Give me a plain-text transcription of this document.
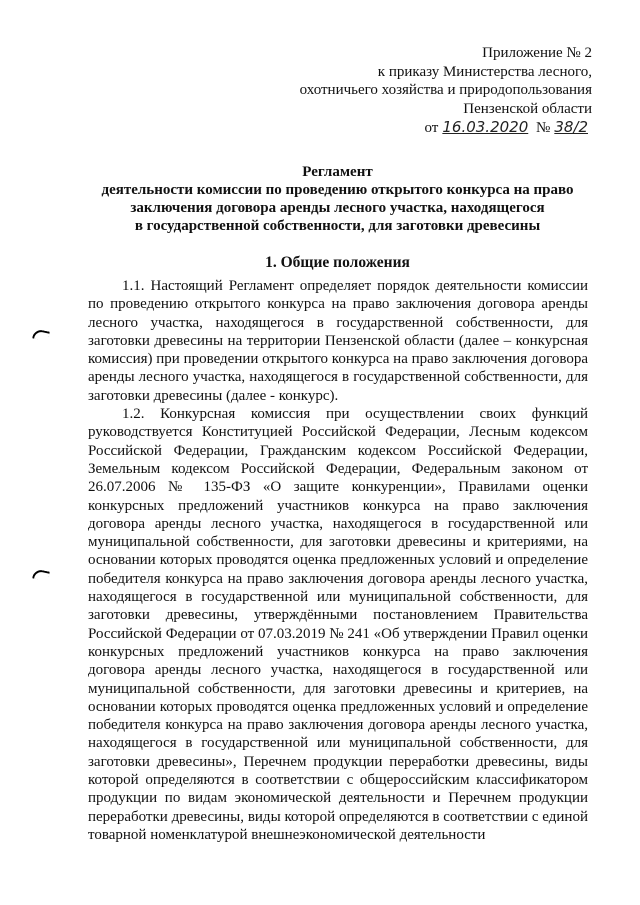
Приложение № 2
к приказу Министерства лесного,
охотничьего хозяйства и природопользования
Пензенской области
от 16.03.2020 № 38/2
Регламент
деятельности комиссии по проведению открытого конкурса на право
заключения договора аренды лесного участка, находящегося
в государственной собственности, для заготовки древесины
1. Общие положения

1.1. Настоящий Регламент определяет порядок деятельности комиссии по проведению открытого конкурса на право заключения договора аренды лесного участка, находящегося в государственной собственности, для заготовки древесины на территории Пензенской области (далее – конкурсная комиссия) при проведении открытого конкурса на право заключения договора аренды лесного участка, находящегося в государственной собственности, для заготовки древесины (далее - конкурс).

1.2. Конкурсная комиссия при осуществлении своих функций руководствуется Конституцией Российской Федерации, Лесным кодексом Российской Федерации, Гражданским кодексом Российской Федерации, Земельным кодексом Российской Федерации, Федеральным законом от 26.07.2006 № 135-ФЗ «О защите конкуренции», Правилами оценки конкурсных предложений участников конкурса на право заключения договора аренды лесного участка, находящегося в государственной или муниципальной собственности, для заготовки древесины и критериями, на основании которых проводятся оценка предложенных условий и определение победителя конкурса на право заключения договора аренды лесного участка, находящегося в государственной или муниципальной собственности, для заготовки древесины, утверждёнными постановлением Правительства Российской Федерации от 07.03.2019 № 241 «Об утверждении Правил оценки конкурсных предложений участников конкурса на право заключения договора аренды лесного участка, находящегося в государственной или муниципальной собственности, для заготовки древесины и критериев, на основании которых проводятся оценка предложенных условий и определение победителя конкурса на право заключения договора аренды лесного участка, находящегося в государственной или муниципальной собственности, для заготовки древесины», Перечнем продукции переработки древесины, виды которой определяются в соответствии с общероссийским классификатором продукции по видам экономической деятельности и Перечнем продукции переработки древесины, виды которой определяются в соответствии с единой товарной номенклатурой внешнеэкономической деятельности
